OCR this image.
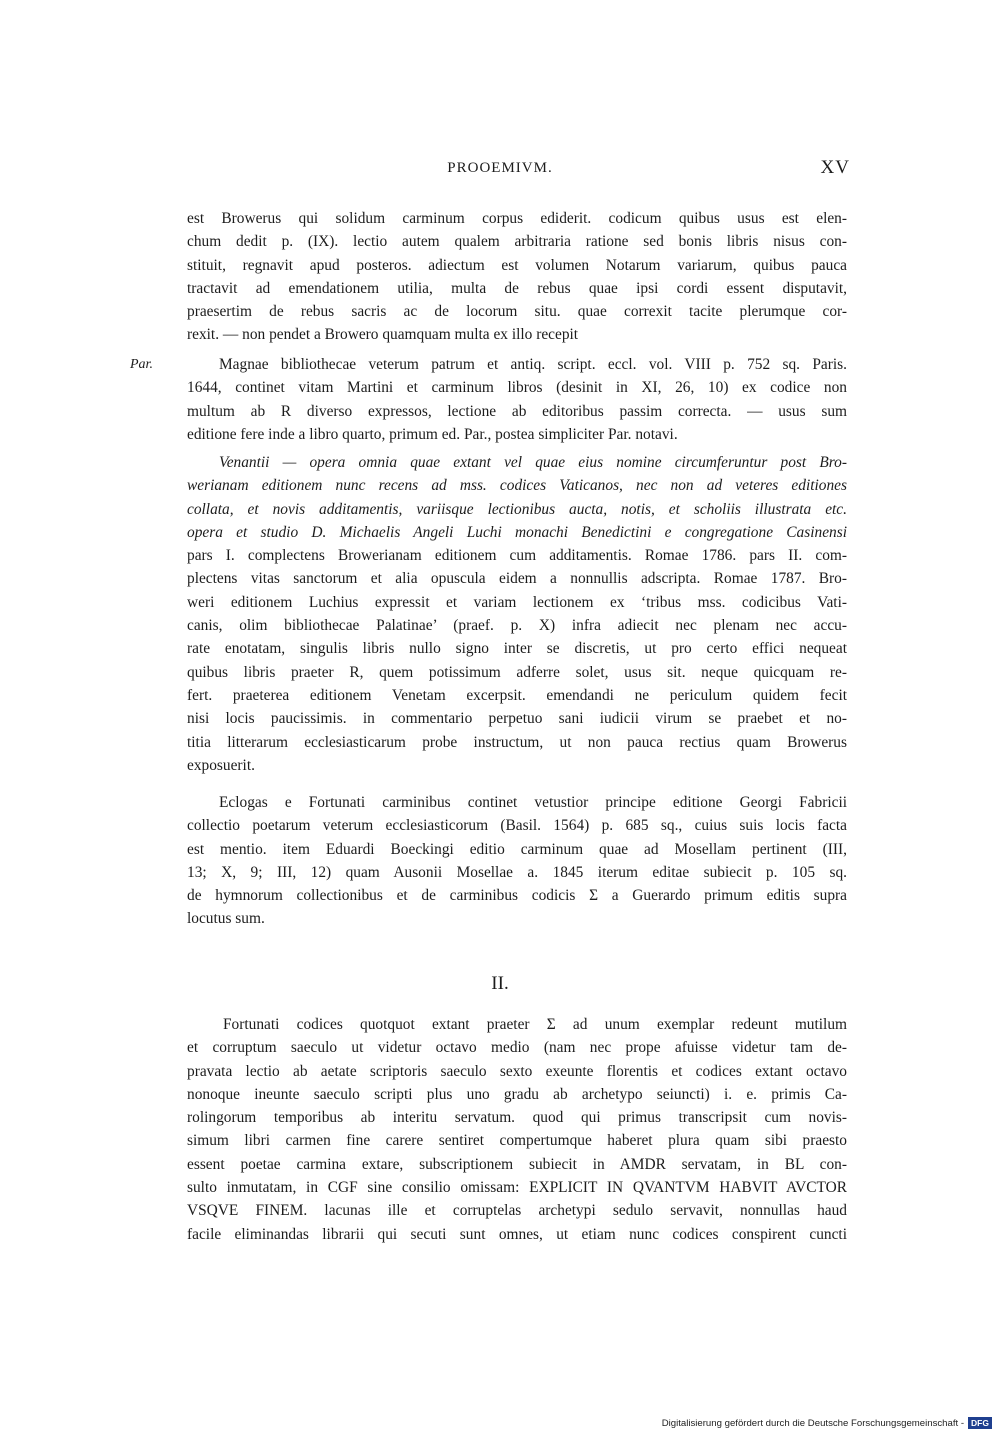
PROOEMIVM.	XV
est Browerus qui solidum carminum corpus ediderit. codicum quibus usus est elen-
chum dedit p. (IX). lectio autem qualem arbitraria ratione sed bonis libris nisus con-
stituit, regnavit apud posteros. adiectum est volumen Notarum variarum, quibus pauca
tractavit ad emendationem utilia, multa de rebus quae ipsi cordi essent disputavit,
praesertim de rebus sacris ac de locorum situ. quae correxit tacite plerumque cor-
rexit. — non pendet a Browero quamquam multa ex illo recepit
Par.	Magnae bibliothecae veterum patrum et antiq. script. eccl. vol. VIII p. 752 sq. Paris.
1644, continet vitam Martini et carminum libros (desinit in XI, 26, 10) ex codice non
multum ab R diverso expressos, lectione ab editoribus passim correcta. — usus sum
editione fere inde a libro quarto, primum ed. Par., postea simpliciter Par. notavi.
Venantii — opera omnia quae extant vel quae eius nomine circumferuntur post Bro-
werianam editionem nunc recens ad mss. codices Vaticanos, nec non ad veteres editiones
collata, et novis additamentis, variisque lectionibus aucta, notis, et scholiis illustrata etc.
opera et studio D. Michaelis Angeli Luchi monachi Benedictini e congregatione Casinensi
pars I. complectens Browerianam editionem cum additamentis. Romae 1786. pars II. com-
plectens vitas sanctorum et alia opuscula eidem a nonnullis adscripta. Romae 1787. Bro-
weri editionem Luchius expressit et variam lectionem ex ‘tribus mss. codicibus Vati-
canis, olim bibliothecae Palatinae’ (praef. p. X) infra adiecit nec plenam nec accu-
rate enotatam, singulis libris nullo signo inter se discretis, ut pro certo effici nequeat
quibus libris praeter R, quem potissimum adferre solet, usus sit. neque quicquam re-
fert. praeterea editionem Venetam excerpsit. emendandi ne periculum quidem fecit
nisi locis paucissimis. in commentario perpetuo sani iudicii virum se praebet et no-
titia litterarum ecclesiasticarum probe instructum, ut non pauca rectius quam Browerus
exposuerit.
Eclogas e Fortunati carminibus continet vetustior principe editione Georgi Fabricii
collectio poetarum veterum ecclesiasticorum (Basil. 1564) p. 685 sq., cuius suis locis facta
est mentio. item Eduardi Boeckingi editio carminum quae ad Mosellam pertinent (III,
13; X, 9; III, 12) quam Ausonii Mosellae a. 1845 iterum editae subiecit p. 105 sq.
de hymnorum collectionibus et de carminibus codicis Σ a Guerardo primum editis supra
locutus sum.
II.
Fortunati codices quotquot extant praeter Σ ad unum exemplar redeunt mutilum
et corruptum saeculo ut videtur octavo medio (nam nec prope afuisse videtur tam de-
pravata lectio ab aetate scriptoris saeculo sexto exeunte florentis et codices extant octavo
nonoque ineunte saeculo scripti plus uno gradu ab archetypo seiuncti) i. e. primis Ca-
rolingorum temporibus ab interitu servatum. quod qui primus transcripsit cum novis-
simum libri carmen fine carere sentiret compertumque haberet plura quam sibi praesto
essent poetae carmina extare, subscriptionem subiecit in AMDR servatam, in BL con-
sulto inmutatam, in CGF sine consilio omissam: EXPLICIT IN QVANTVM HABVIT AVCTOR
VSQVE FINEM. lacunas ille et corruptelas archetypi sedulo servavit, nonnullas haud
facile eliminandas librarii qui secuti sunt omnes, ut etiam nunc codices conspirent cuncti
Digitalisierung gefördert durch die Deutsche Forschungsgemeinschaft - DFG
